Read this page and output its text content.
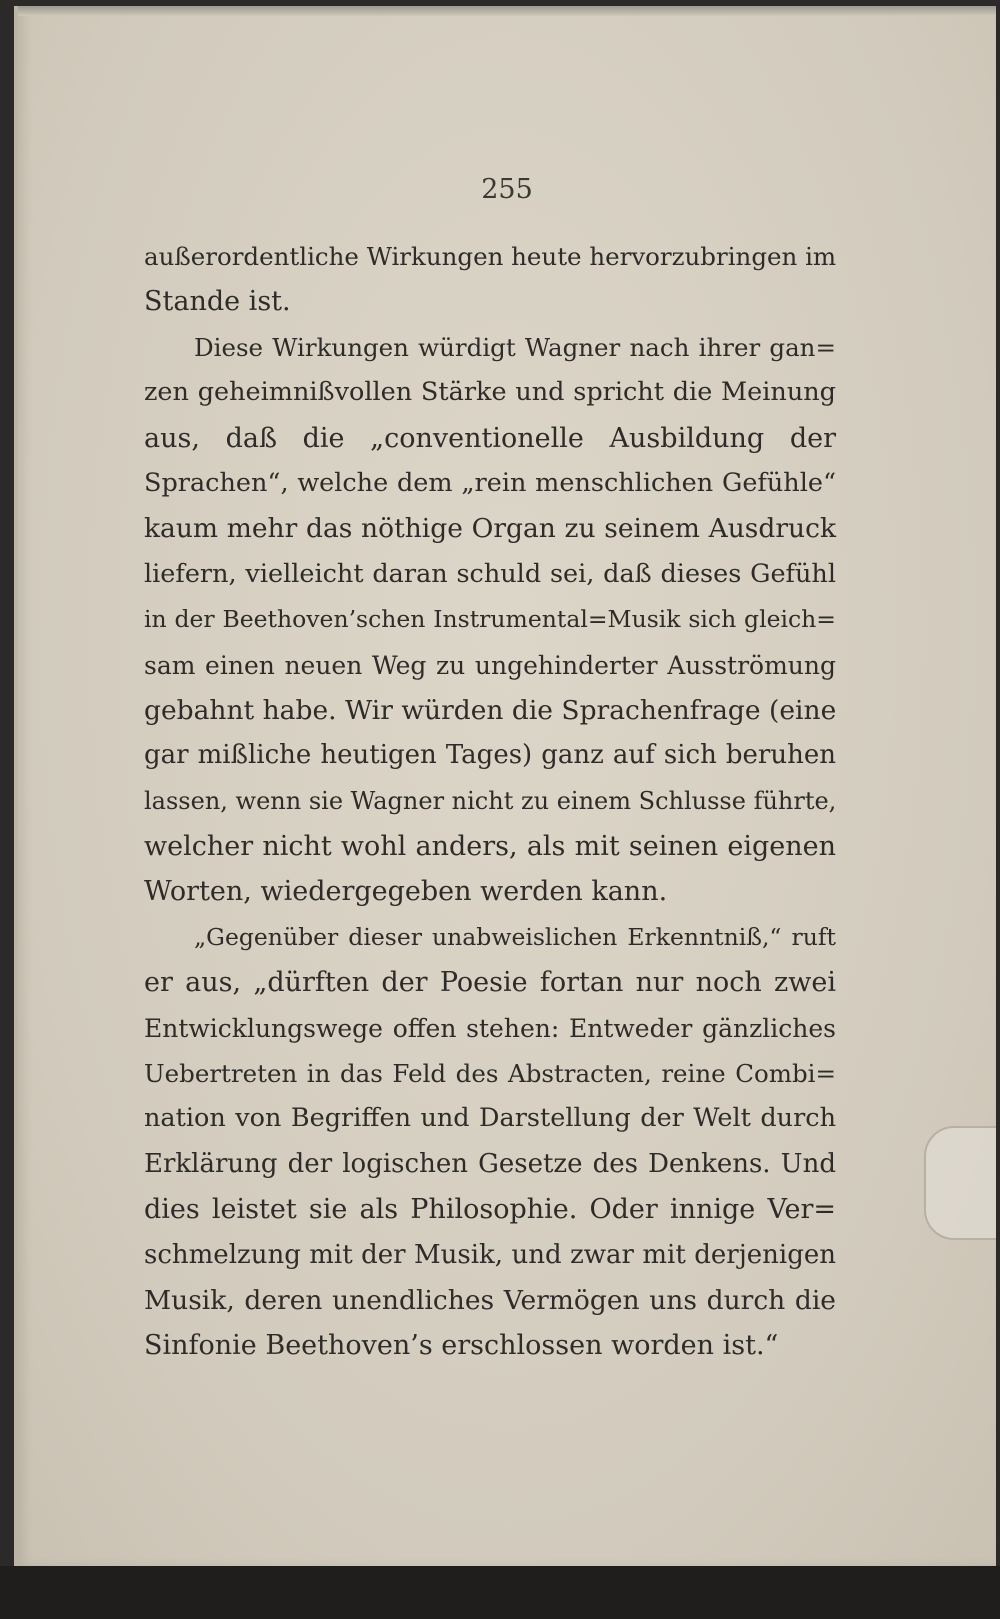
255
außerordentliche Wirkungen heute hervorzubringen im
Stande ist.
Diese Wirkungen würdigt Wagner nach ihrer gan=
zen geheimnißvollen Stärke und spricht die Meinung
aus, daß die „conventionelle Ausbildung der
Sprachen“, welche dem „rein menschlichen Gefühle“
kaum mehr das nöthige Organ zu seinem Ausdruck
liefern, vielleicht daran schuld sei, daß dieses Gefühl
in der Beethoven’schen Instrumental=Musik sich gleich=
sam einen neuen Weg zu ungehinderter Ausströmung
gebahnt habe. Wir würden die Sprachenfrage (eine
gar mißliche heutigen Tages) ganz auf sich beruhen
lassen, wenn sie Wagner nicht zu einem Schlusse führte,
welcher nicht wohl anders, als mit seinen eigenen
Worten, wiedergegeben werden kann.
„Gegenüber dieser unabweislichen Erkenntniß,“ ruft
er aus, „dürften der Poesie fortan nur noch zwei
Entwicklungswege offen stehen: Entweder gänzliches
Uebertreten in das Feld des Abstracten, reine Combi=
nation von Begriffen und Darstellung der Welt durch
Erklärung der logischen Gesetze des Denkens. Und
dies leistet sie als Philosophie. Oder innige Ver=
schmelzung mit der Musik, und zwar mit derjenigen
Musik, deren unendliches Vermögen uns durch die
Sinfonie Beethoven’s erschlossen worden ist.“
